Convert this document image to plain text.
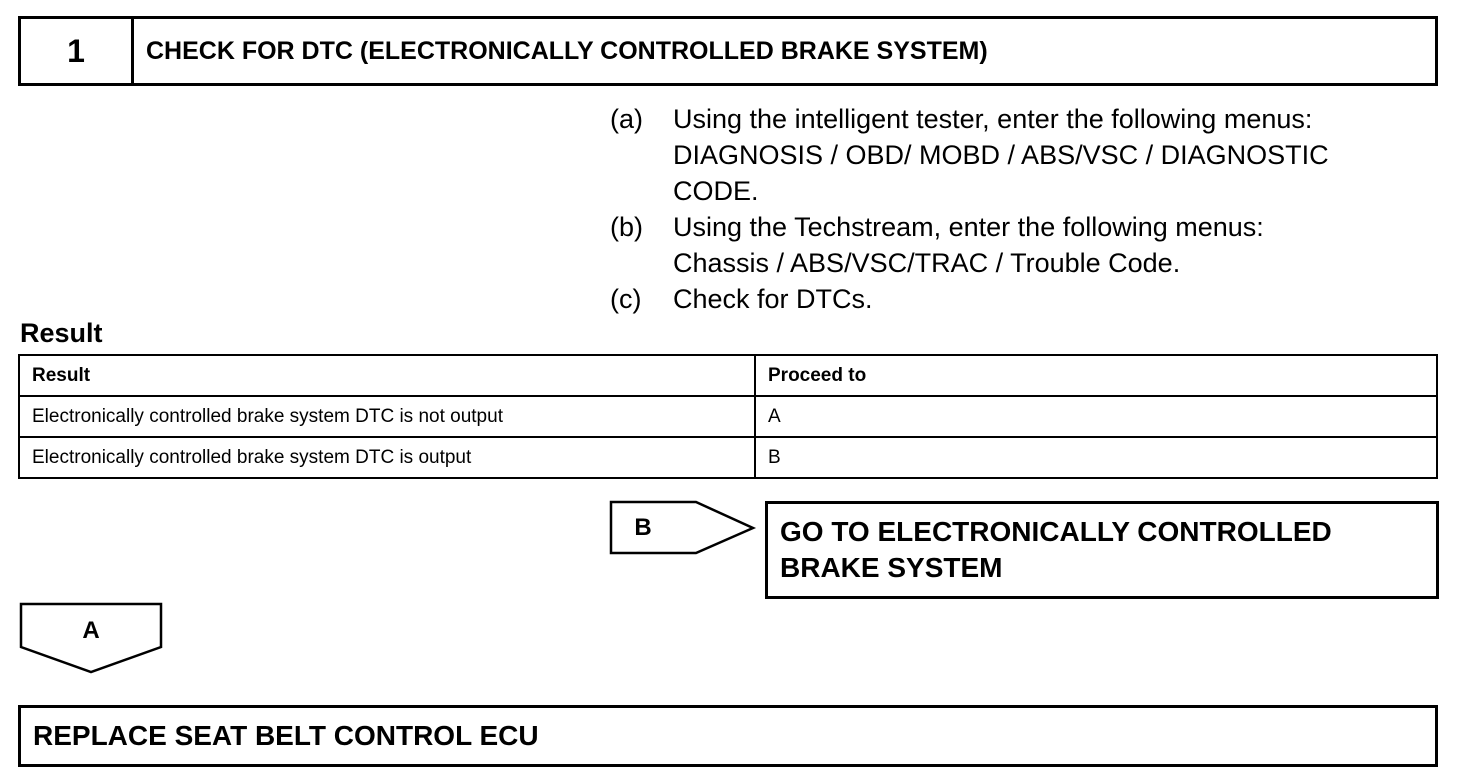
1	CHECK FOR DTC (ELECTRONICALLY CONTROLLED BRAKE SYSTEM)
(a)	Using the intelligent tester, enter the following menus:
DIAGNOSIS / OBD/ MOBD / ABS/VSC / DIAGNOSTIC
CODE.
(b)	Using the Techstream, enter the following menus:
Chassis / ABS/VSC/TRAC / Trouble Code.
(c)	Check for DTCs.
Result
Result	Proceed to
Electronically controlled brake system DTC is not output	A
Electronically controlled brake system DTC is output	B
B	GO TO ELECTRONICALLY CONTROLLED
BRAKE SYSTEM
A
REPLACE SEAT BELT CONTROL ECU
